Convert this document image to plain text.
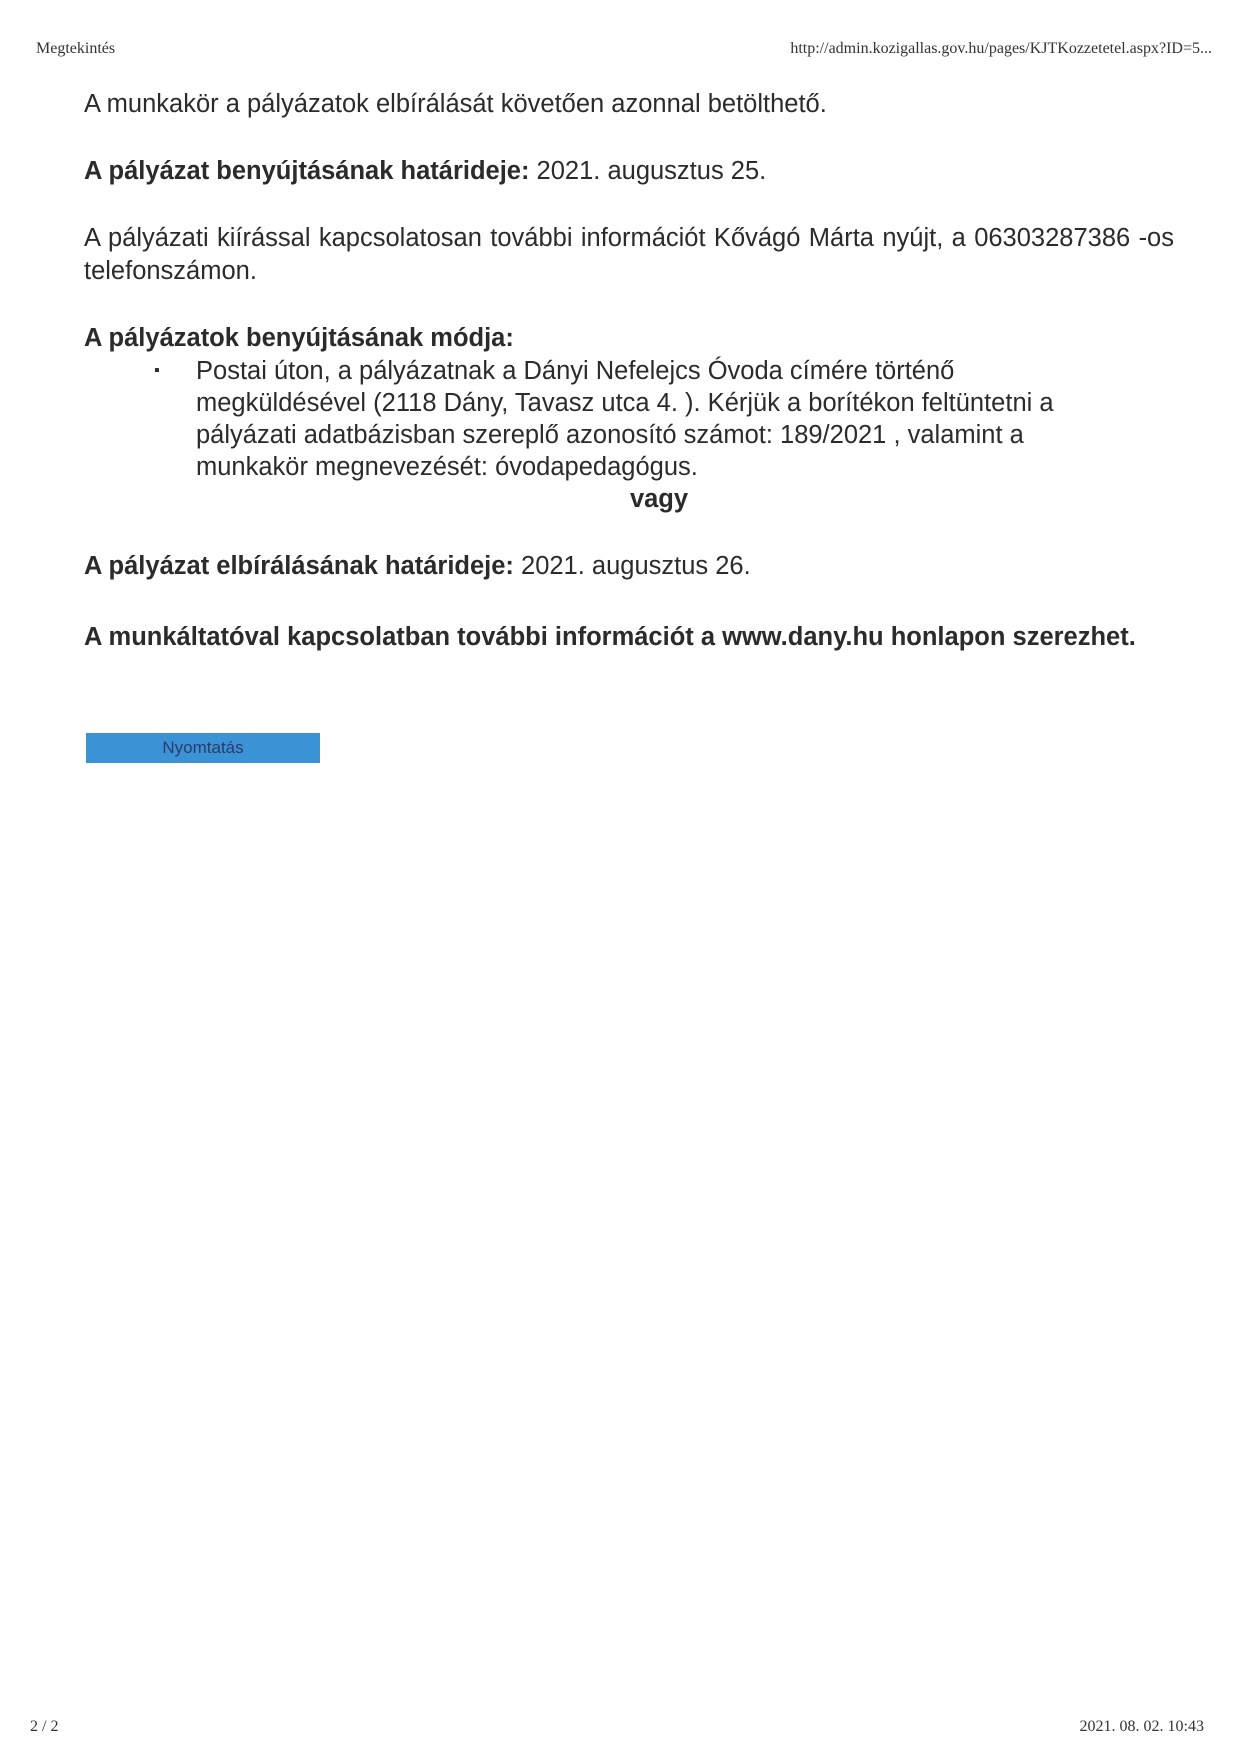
Megtekintés	http://admin.kozigallas.gov.hu/pages/KJTKozzetetel.aspx?ID=5...

A munkakör a pályázatok elbírálását követően azonnal betölthető.

A pályázat benyújtásának határideje: 2021. augusztus 25.

A pályázati kiírással kapcsolatosan további információt Kővágó Márta nyújt, a 06303287386 -os telefonszámon.

A pályázatok benyújtásának módja:

▪ Postai úton, a pályázatnak a Dányi Nefelejcs Óvoda címére történő megküldésével (2118 Dány, Tavasz utca 4. ). Kérjük a borítékon feltüntetni a pályázati adatbázisban szereplő azonosító számot: 189/2021 , valamint a munkakör megnevezését: óvodapedagógus.

vagy

A pályázat elbírálásának határideje: 2021. augusztus 26.

A munkáltatóval kapcsolatban további információt a www.dany.hu honlapon szerezhet.

Nyomtatás
2 / 2	2021. 08. 02. 10:43
